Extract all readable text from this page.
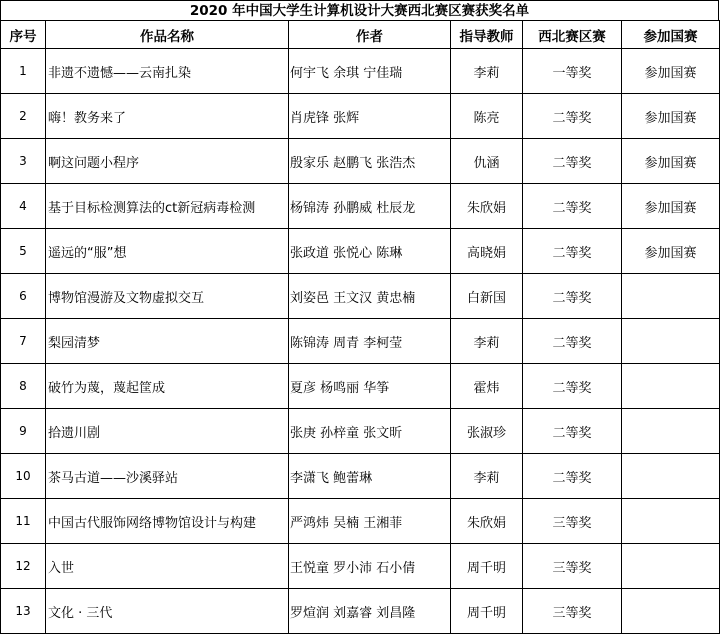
2020 年中国大学生计算机设计大赛西北赛区赛获奖名单
序号	作品名称	作者	指导教师	西北赛区赛	参加国赛
1	非遗不遗憾——云南扎染	何宇飞 余琪 宁佳瑞	李莉	一等奖	参加国赛
2	嗨！教务来了	肖虎锋 张辉	陈亮	二等奖	参加国赛
3	啊这问题小程序	殷家乐 赵鹏飞 张浩杰	仇涵	二等奖	参加国赛
4	基于目标检测算法的ct新冠病毒检测	杨锦涛 孙鹏威 杜辰龙	朱欣娟	二等奖	参加国赛
5	遥远的“服”想	张政道 张悦心 陈琳	高晓娟	二等奖	参加国赛
6	博物馆漫游及文物虚拟交互	刘姿邑 王文汉 黄忠楠	白新国	二等奖	
7	梨园清梦	陈锦涛 周青 李柯莹	李莉	二等奖	
8	破竹为蔑，蔑起筐成	夏彦 杨鸣丽 华筝	霍炜	二等奖	
9	拾遗川剧	张庚 孙梓童 张文昕	张淑珍	二等奖	
10	茶马古道——沙溪驿站	李潇飞 鲍蕾琳	李莉	二等奖	
11	中国古代服饰网络博物馆设计与构建	严鸿炜 吴楠 王湘菲	朱欣娟	三等奖	
12	入世	王悦童 罗小沛 石小倩	周千明	三等奖	
13	文化 · 三代	罗煊润 刘嘉睿 刘昌隆	周千明	三等奖	
